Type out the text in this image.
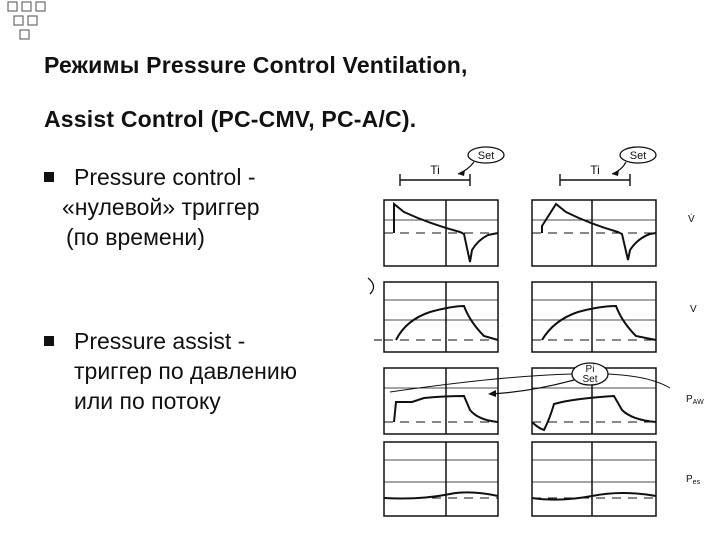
Режимы Pressure Control Ventilation,
Assist Control (PC-CMV, PC-A/C).
Pressure control -
«нулевой» триггер
(по времени)
Pressure assist -
триггер по давлению
или по потоку
Set	Set
Ti	Ti
Pi
Set
V̇
V
$P_{AW}$
$P_{es}$
